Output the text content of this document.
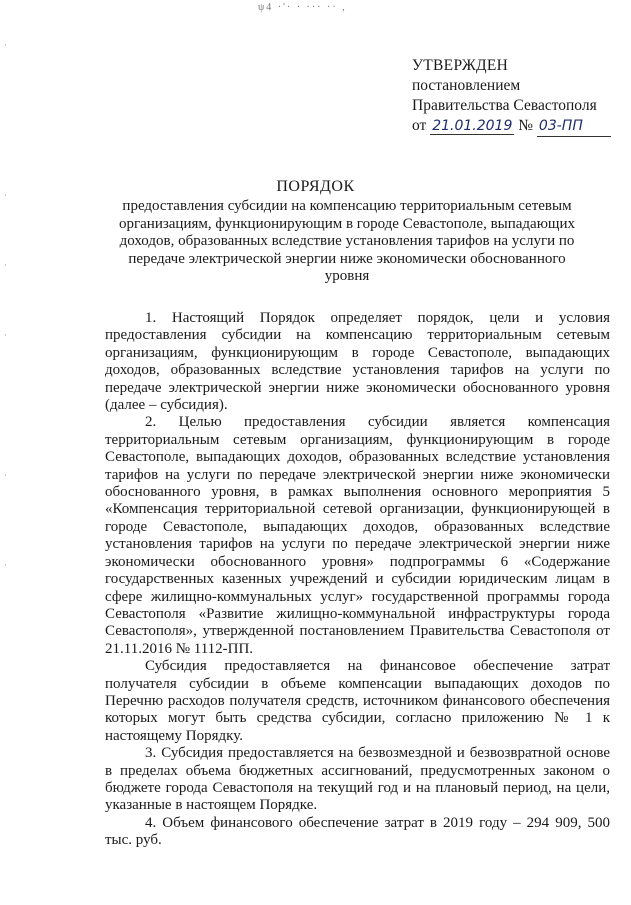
ψ4 ·'· · ··· ·· ,
·
·
·
·
·
·
УТВЕРЖДЕН
постановлением
Правительства Севастополя
от 21.01.2019 № 03-ПП
ПОРЯДОК
предоставления субсидии на компенсацию территориальным сетевым организациям, функционирующим в городе Севастополе, выпадающих доходов, образованных вследствие установления тарифов на услуги по передаче электрической энергии ниже экономически обоснованного уровня

1. Настоящий Порядок определяет порядок, цели и условия предоставления субсидии на компенсацию территориальным сетевым организациям, функционирующим в городе Севастополе, выпадающих доходов, образованных вследствие установления тарифов на услуги по передаче электрической энергии ниже экономически обоснованного уровня (далее – субсидия).

2. Целью предоставления субсидии является компенсация территориальным сетевым организациям, функционирующим в городе Севастополе, выпадающих доходов, образованных вследствие установления тарифов на услуги по передаче электрической энергии ниже экономически обоснованного уровня, в рамках выполнения основного мероприятия 5 «Компенсация территориальной сетевой организации, функционирующей в городе Севастополе, выпадающих доходов, образованных вследствие установления тарифов на услуги по передаче электрической энергии ниже экономически обоснованного уровня» подпрограммы 6 «Содержание государственных казенных учреждений и субсидии юридическим лицам в сфере жилищно-коммунальных услуг» государственной программы города Севастополя «Развитие жилищно-коммунальной инфраструктуры города Севастополя», утвержденной постановлением Правительства Севастополя от 21.11.2016 № 1112-ПП.

Субсидия предоставляется на финансовое обеспечение затрат получателя субсидии в объеме компенсации выпадающих доходов по Перечню расходов получателя средств, источником финансового обеспечения которых могут быть средства субсидии, согласно приложению № 1 к настоящему Порядку.

3. Субсидия предоставляется на безвозмездной и безвозвратной основе в пределах объема бюджетных ассигнований, предусмотренных законом о бюджете города Севастополя на текущий год и на плановый период, на цели, указанные в настоящем Порядке.

4. Объем финансового обеспечение затрат в 2019 году – 294 909, 500 тыс. руб.
